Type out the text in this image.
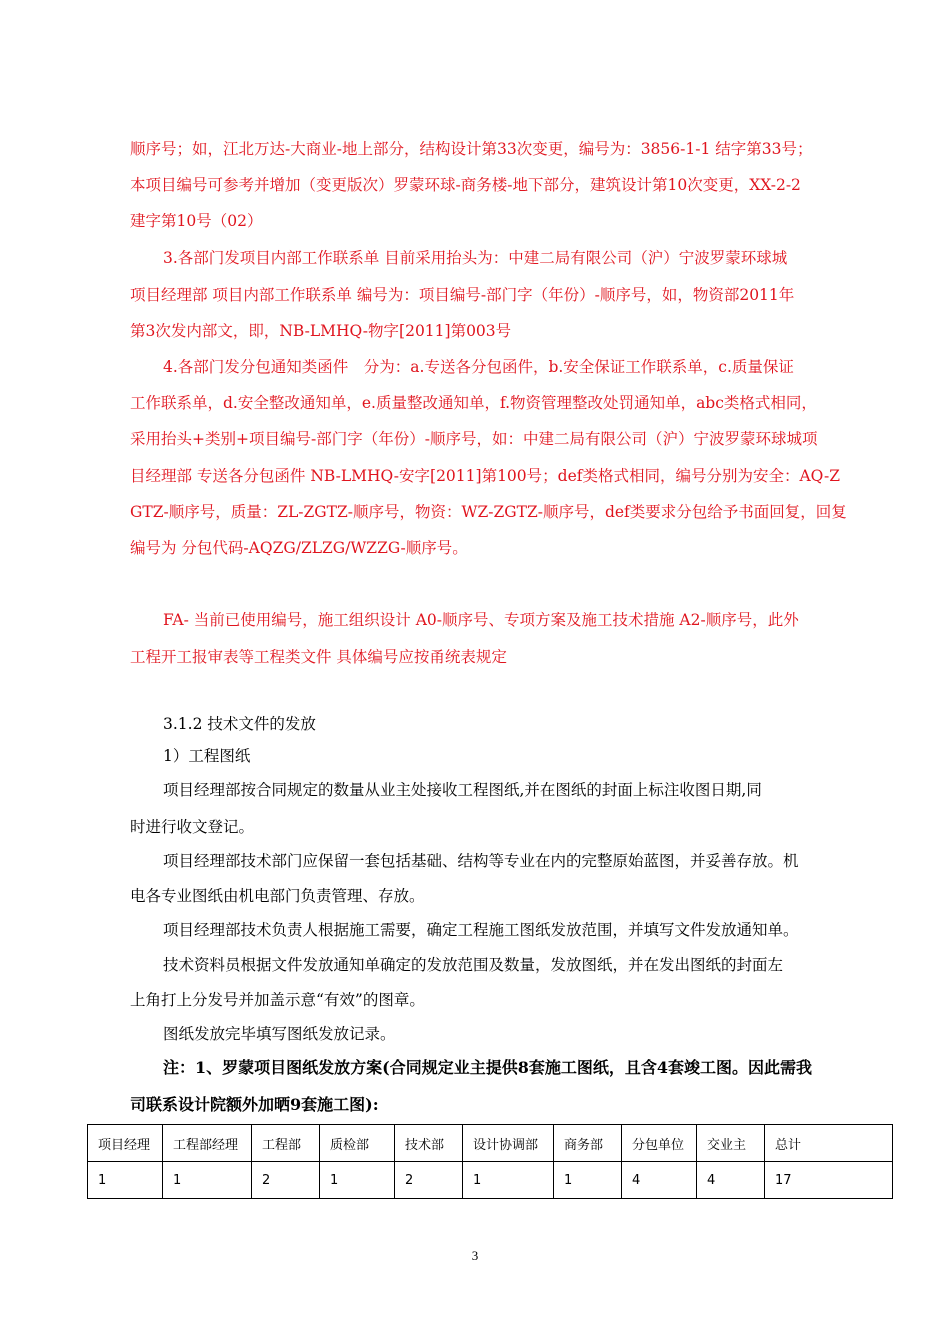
顺序号；如，江北万达-大商业-地上部分，结构设计第33次变更，编号为：3856-1-1 结字第33号；
本项目编号可参考并增加（变更版次）罗蒙环球-商务楼-地下部分，建筑设计第10次变更，XX-2-2
建字第10号（02）
3.各部门发项目内部工作联系单 目前采用抬头为：中建二局有限公司（沪）宁波罗蒙环球城
项目经理部 项目内部工作联系单 编号为：项目编号-部门字（年份）-顺序号，如，物资部2011年
第3次发内部文，即，NB-LMHQ-物字[2011]第003号
4.各部门发分包通知类函件　分为：a.专送各分包函件，b.安全保证工作联系单，c.质量保证
工作联系单，d.安全整改通知单，e.质量整改通知单，f.物资管理整改处罚通知单，abc类格式相同，
采用抬头+类别+项目编号-部门字（年份）-顺序号，如：中建二局有限公司（沪）宁波罗蒙环球城项
目经理部 专送各分包函件 NB-LMHQ-安字[2011]第100号；def类格式相同，编号分别为安全：AQ-Z
GTZ-顺序号，质量：ZL-ZGTZ-顺序号，物资：WZ-ZGTZ-顺序号，def类要求分包给予书面回复，回复
编号为 分包代码-AQZG/ZLZG/WZZG-顺序号。
FA- 当前已使用编号，施工组织设计 A0-顺序号、专项方案及施工技术措施 A2-顺序号，此外
工程开工报审表等工程类文件 具体编号应按甬统表规定
3.1.2 技术文件的发放
1）工程图纸
项目经理部按合同规定的数量从业主处接收工程图纸,并在图纸的封面上标注收图日期,同
时进行收文登记。
项目经理部技术部门应保留一套包括基础、结构等专业在内的完整原始蓝图，并妥善存放。机
电各专业图纸由机电部门负责管理、存放。
项目经理部技术负责人根据施工需要，确定工程施工图纸发放范围，并填写文件发放通知单。
技术资料员根据文件发放通知单确定的发放范围及数量，发放图纸，并在发出图纸的封面左
上角打上分发号并加盖示意“有效”的图章。
图纸发放完毕填写图纸发放记录。
注：1、罗蒙项目图纸发放方案(合同规定业主提供8套施工图纸，且含4套竣工图。因此需我
司联系设计院额外加晒9套施工图):
项目经理	工程部经理	工程部	质检部	技术部	设计协调部	商务部	分包单位	交业主	总计
1	1	2	1	2	1	1	4	4	17
3
